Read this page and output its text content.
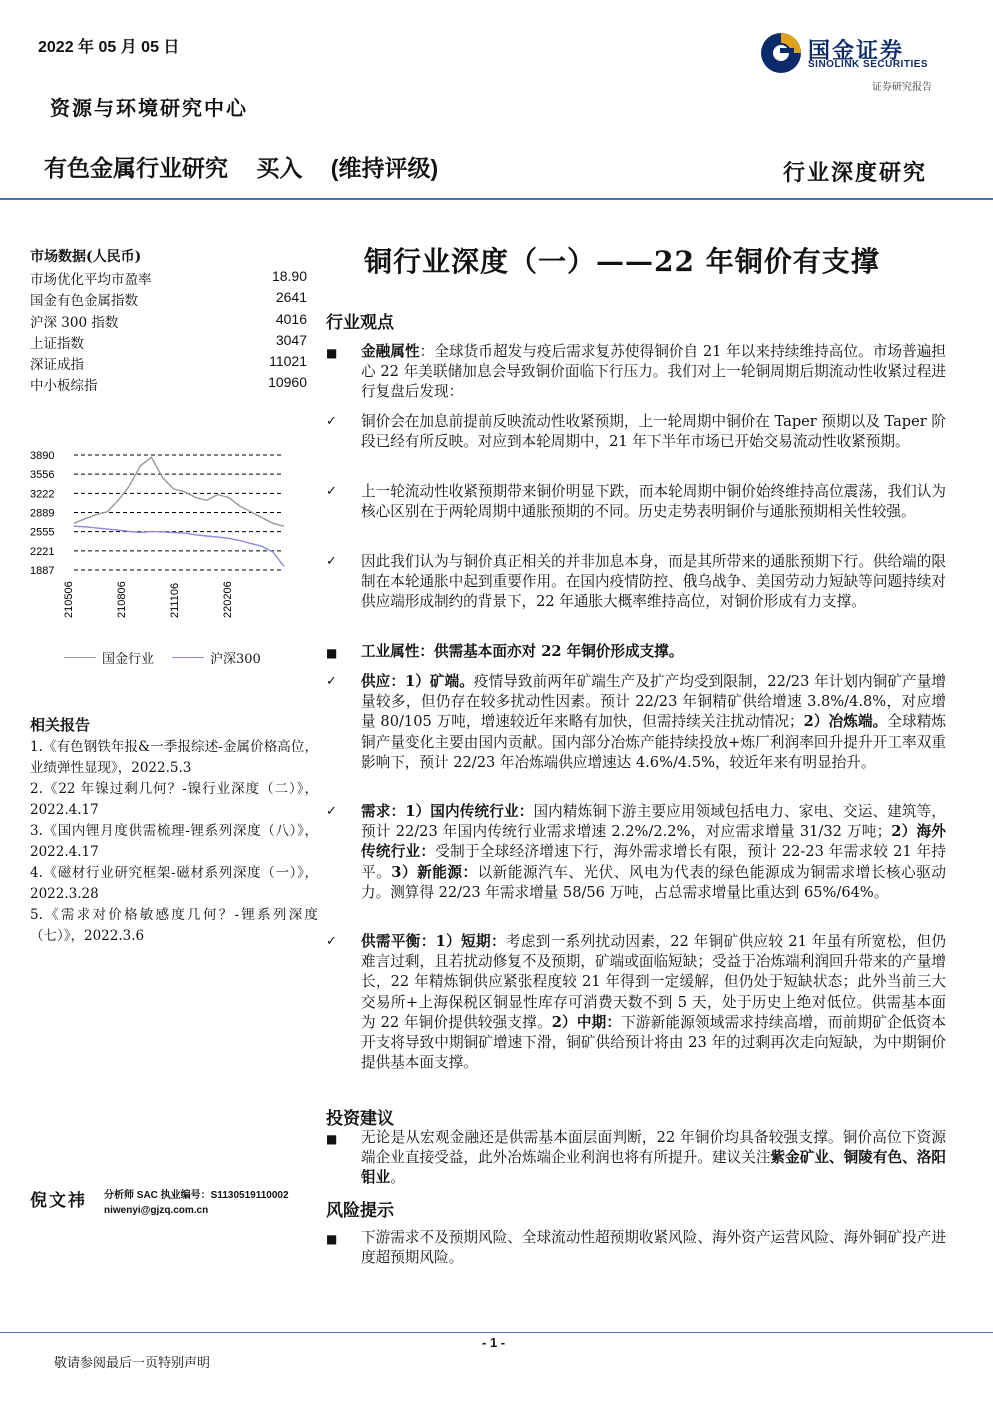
2022 年 05 月 05 日	国金证券
SINOLINK SECURITIES
证券研究报告
资源与环境研究中心
有色金属行业研究 买入 (维持评级)	行业深度研究
市场数据(人民币)
市场优化平均市盈率	18.90
国金有色金属指数	2641
沪深 300 指数	4016
上证指数	3047
深证成指	11021
中小板综指	10960
3890
3556
3222
2889
2555
2221
1887
210506	210806	211106	220206
国金行业	沪深300
相关报告
1.《有色钢铁年报&一季报综述-金属价格高位，业绩弹性显现》，2022.5.3
2.《22 年镍过剩几何？-镍行业深度（二）》，2022.4.17
3.《国内锂月度供需梳理-锂系列深度（八）》，2022.4.17
4.《磁材行业研究框架-磁材系列深度（一）》，2022.3.28
5.《需求对价格敏感度几何？-锂系列深度（七）》，2022.3.6
倪文祎 分析师 SAC 执业编号：S1130519110002
niwenyi@gjzq.com.cn
铜行业深度（一）——22 年铜价有支撑
行业观点
■	金融属性：全球货币超发与疫后需求复苏使得铜价自 21 年以来持续维持高位。市场普遍担心 22 年美联储加息会导致铜价面临下行压力。我们对上一轮铜周期后期流动性收紧过程进行复盘后发现：
✓	铜价会在加息前提前反映流动性收紧预期，上一轮周期中铜价在 Taper 预期以及 Taper 阶段已经有所反映。对应到本轮周期中，21 年下半年市场已开始交易流动性收紧预期。
✓	上一轮流动性收紧预期带来铜价明显下跌，而本轮周期中铜价始终维持高位震荡，我们认为核心区别在于两轮周期中通胀预期的不同。历史走势表明铜价与通胀预期相关性较强。
✓	因此我们认为与铜价真正相关的并非加息本身，而是其所带来的通胀预期下行。供给端的限制在本轮通胀中起到重要作用。在国内疫情防控、俄乌战争、美国劳动力短缺等问题持续对供应端形成制约的背景下，22 年通胀大概率维持高位，对铜价形成有力支撑。
■	工业属性：供需基本面亦对 22 年铜价形成支撑。
✓	供应：1）矿端。疫情导致前两年矿端生产及扩产均受到限制，22/23 年计划内铜矿产量增量较多，但仍存在较多扰动性因素。预计 22/23 年铜精矿供给增速 3.8%/4.8%，对应增量 80/105 万吨，增速较近年来略有加快，但需持续关注扰动情况；2）冶炼端。全球精炼铜产量变化主要由国内贡献。国内部分冶炼产能持续投放+炼厂利润率回升提升开工率双重影响下，预计 22/23 年冶炼端供应增速达 4.6%/4.5%，较近年来有明显抬升。
✓	需求：1）国内传统行业：国内精炼铜下游主要应用领域包括电力、家电、交运、建筑等，预计 22/23 年国内传统行业需求增速 2.2%/2.2%，对应需求增量 31/32 万吨；2）海外传统行业：受制于全球经济增速下行，海外需求增长有限，预计 22-23 年需求较 21 年持平。3）新能源：以新能源汽车、光伏、风电为代表的绿色能源成为铜需求增长核心驱动力。测算得 22/23 年需求增量 58/56 万吨，占总需求增量比重达到 65%/64%。
✓	供需平衡：1）短期：考虑到一系列扰动因素，22 年铜矿供应较 21 年虽有所宽松，但仍难言过剩，且若扰动修复不及预期，矿端或面临短缺；受益于冶炼端利润回升带来的产量增长，22 年精炼铜供应紧张程度较 21 年得到一定缓解，但仍处于短缺状态；此外当前三大交易所+上海保税区铜显性库存可消费天数不到 5 天，处于历史上绝对低位。供需基本面为 22 年铜价提供较强支撑。2）中期：下游新能源领域需求持续高增，而前期矿企低资本开支将导致中期铜矿增速下滑，铜矿供给预计将由 23 年的过剩再次走向短缺，为中期铜价提供基本面支撑。
投资建议
■	无论是从宏观金融还是供需基本面层面判断，22 年铜价均具备较强支撑。铜价高位下资源端企业直接受益，此外冶炼端企业利润也将有所提升。建议关注紫金矿业、铜陵有色、洛阳钼业。
风险提示
■	下游需求不及预期风险、全球流动性超预期收紧风险、海外资产运营风险、海外铜矿投产进度超预期风险。
- 1 -
敬请参阅最后一页特别声明
